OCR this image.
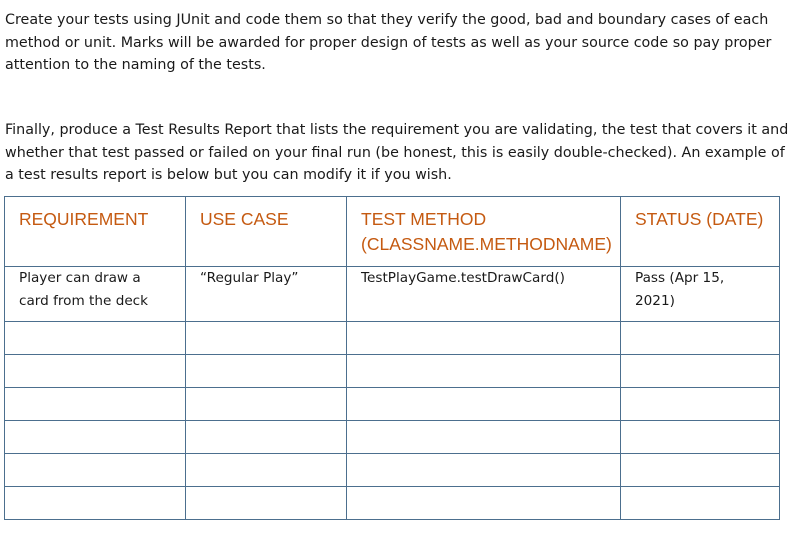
Create your tests using JUnit and code them so that they verify the good, bad and boundary cases of each method or unit. Marks will be awarded for proper design of tests as well as your source code so pay proper attention to the naming of the tests.

Finally, produce a Test Results Report that lists the requirement you are validating, the test that covers it and whether that test passed or failed on your final run (be honest, this is easily double-checked). An example of a test results report is below but you can modify it if you wish.

REQUIREMENT	USE CASE	TEST METHOD (CLASSNAME.METHODNAME)	STATUS (DATE)
Player can draw a card from the deck	“Regular Play”	TestPlayGame.testDrawCard()	Pass (Apr 15, 2021)
